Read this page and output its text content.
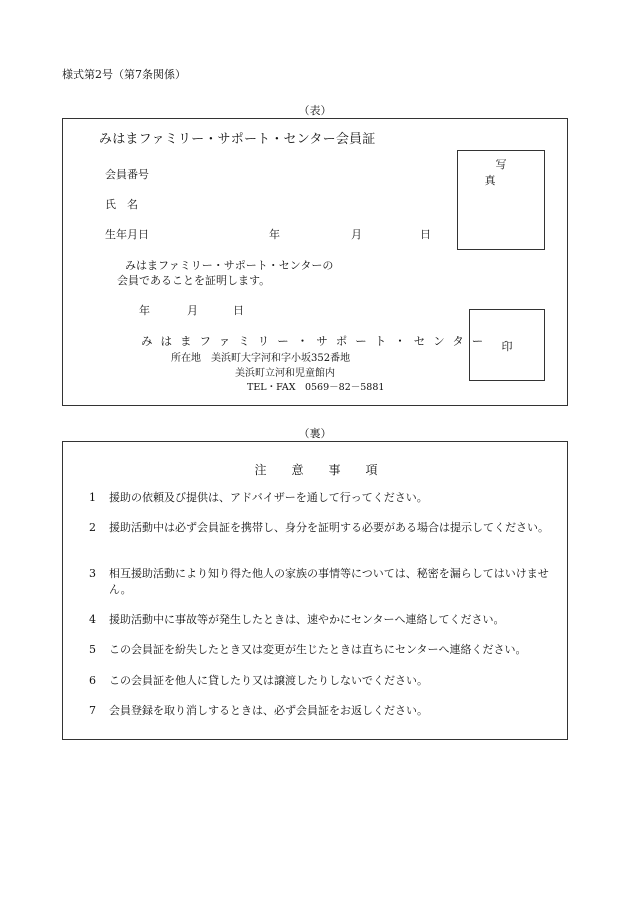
様式第2号（第7条関係）
（表）
みはまファミリー・サポート・センター会員証
会員番号
氏　名
生年月日	年	月	日
写真
みはまファミリー・サポート・センターの
会員であることを証明します。
年	月	日
みはまファミリー・サポート・センター
所在地　美浜町大字河和字小坂352番地
美浜町立河和児童館内
TEL・FAX　0569－82－5881
印
（裏）
注意事項
1	援助の依頼及び提供は、アドバイザーを通して行ってください。
2	援助活動中は必ず会員証を携帯し、身分を証明する必要がある場合は提示してください。
3	相互援助活動により知り得た他人の家族の事情等については、秘密を漏らしてはいけません。
4	援助活動中に事故等が発生したときは、速やかにセンターへ連絡してください。
5	この会員証を紛失したとき又は変更が生じたときは直ちにセンターへ連絡ください。
6	この会員証を他人に貸したり又は譲渡したりしないでください。
7	会員登録を取り消しするときは、必ず会員証をお返しください。
